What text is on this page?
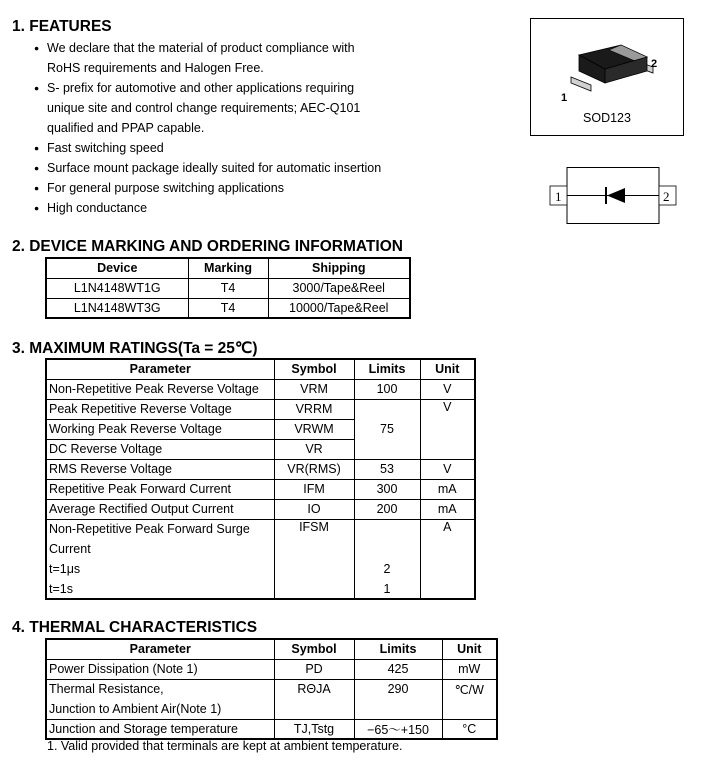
1. FEATURES
● We declare that the material of product compliance with
RoHS requirements and Halogen Free.
● S- prefix for automotive and other applications requiring
unique site and control change requirements; AEC-Q101
qualified and PPAP capable.
● Fast switching speed
● Surface mount package ideally suited for automatic insertion
● For general purpose switching applications
● High conductance
1
2
SOD123
1	2
2. DEVICE MARKING AND ORDERING INFORMATION
Device	Marking	Shipping
L1N4148WT1G	T4	3000/Tape&Reel
L1N4148WT3G	T4	10000/Tape&Reel
3. MAXIMUM RATINGS(Ta = 25℃)
Parameter	Symbol	Limits	Unit
Non-Repetitive Peak Reverse Voltage	VRM	100	V
Peak Repetitive Reverse Voltage	VRRM	75	V
Working Peak Reverse Voltage	VRWM		
DC Reverse Voltage	VR		
RMS Reverse Voltage	VR(RMS)	53	V
Repetitive Peak Forward Current	IFM	300	mA
Average Rectified Output Current	IO	200	mA
Non-Repetitive Peak Forward Surge	IFSM		A
Current			
t=1μs		2	
t=1s		1	
4. THERMAL CHARACTERISTICS
Parameter	Symbol	Limits	Unit
Power Dissipation (Note 1)	PD	425	mW
Thermal Resistance,	RΘJA	290	℃/W
Junction to Ambient Air(Note 1)			
Junction and Storage temperature	TJ,Tstg	−65～+150	°C
1. Valid provided that terminals are kept at ambient temperature.
